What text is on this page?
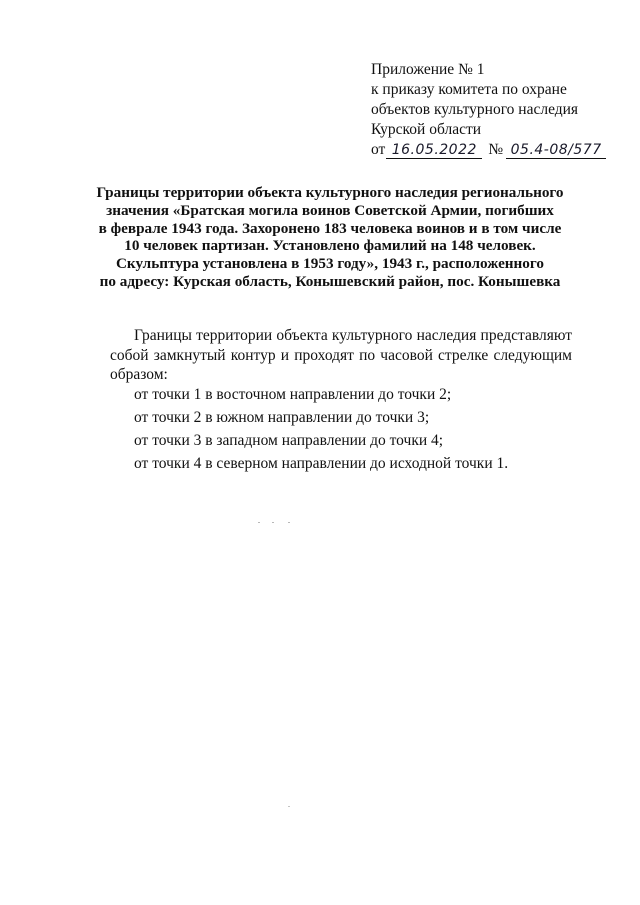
Приложение № 1
к приказу комитета по охране
объектов культурного наследия
Курской области
от 16.05.2022 № 05.4-08/577
Границы территории объекта культурного наследия регионального
значения «Братская могила воинов Советской Армии, погибших
в феврале 1943 года. Захоронено 183 человека воинов и в том числе
10 человек партизан. Установлено фамилий на 148 человек.
Скульптура установлена в 1953 году», 1943 г., расположенного
по адресу: Курская область, Конышевский район, пос. Конышевка

Границы территории объекта культурного наследия представляют собой замкнутый контур и проходят по часовой стрелке следующим образом:

от точки 1 в восточном направлении до точки 2;
от точки 2 в южном направлении до точки 3;
от точки 3 в западном направлении до точки 4;
от точки 4 в северном направлении до исходной точки 1.
